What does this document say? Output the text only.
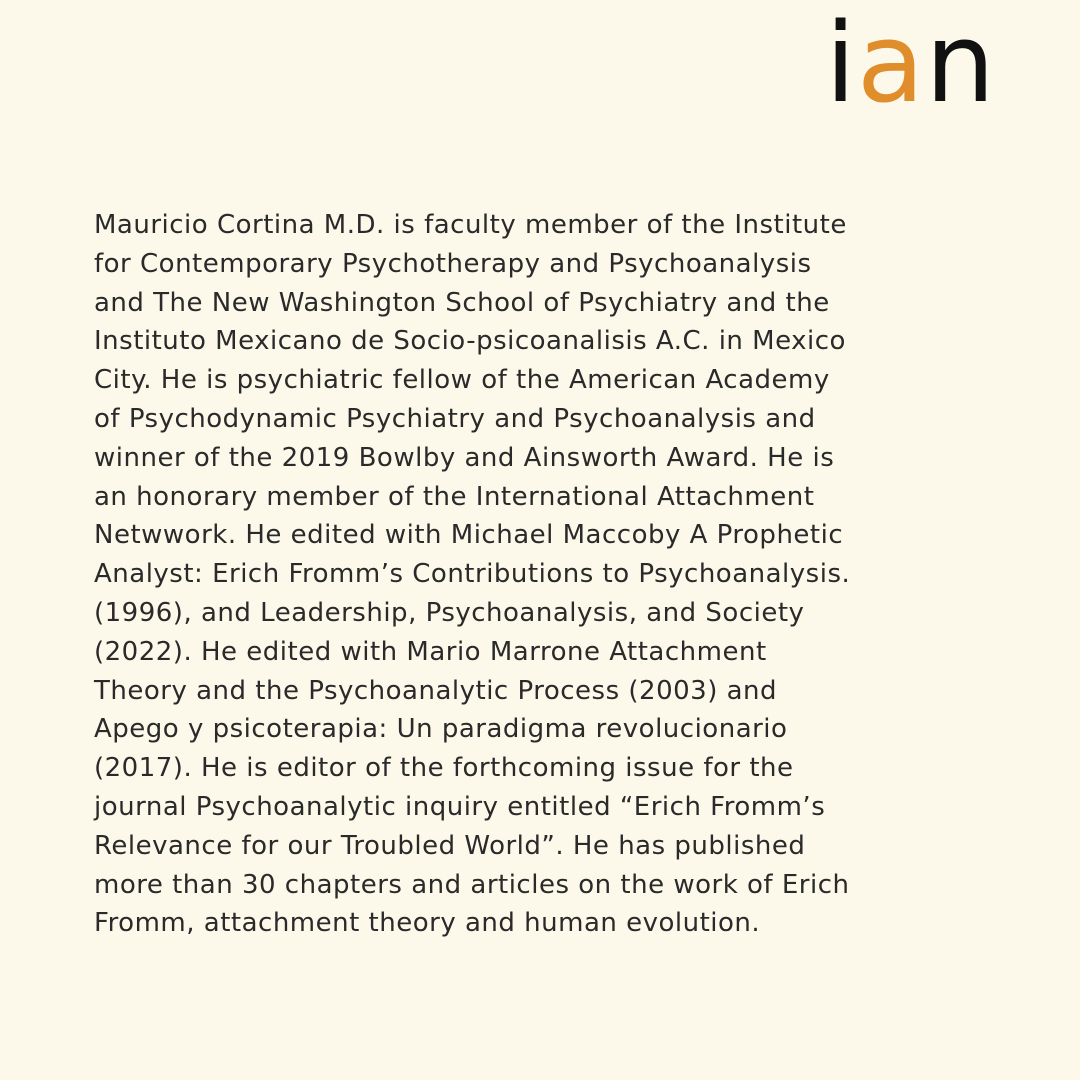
ian

Mauricio Cortina M.D. is faculty member of the Institute
for Contemporary Psychotherapy and Psychoanalysis
and The New Washington School of Psychiatry and the
Instituto Mexicano de Socio-psicoanalisis A.C. in Mexico
City. He is psychiatric fellow of the American Academy
of Psychodynamic Psychiatry and Psychoanalysis and
winner of the 2019 Bowlby and Ainsworth Award. He is
an honorary member of the International Attachment
Netwwork. He edited with Michael Maccoby A Prophetic
Analyst: Erich Fromm’s Contributions to Psychoanalysis.
(1996), and Leadership, Psychoanalysis, and Society
(2022). He edited with Mario Marrone Attachment
Theory and the Psychoanalytic Process (2003) and
Apego y psicoterapia: Un paradigma revolucionario
(2017). He is editor of the forthcoming issue for the
journal Psychoanalytic inquiry entitled “Erich Fromm’s
Relevance for our Troubled World”. He has published
more than 30 chapters and articles on the work of Erich
Fromm, attachment theory and human evolution.
